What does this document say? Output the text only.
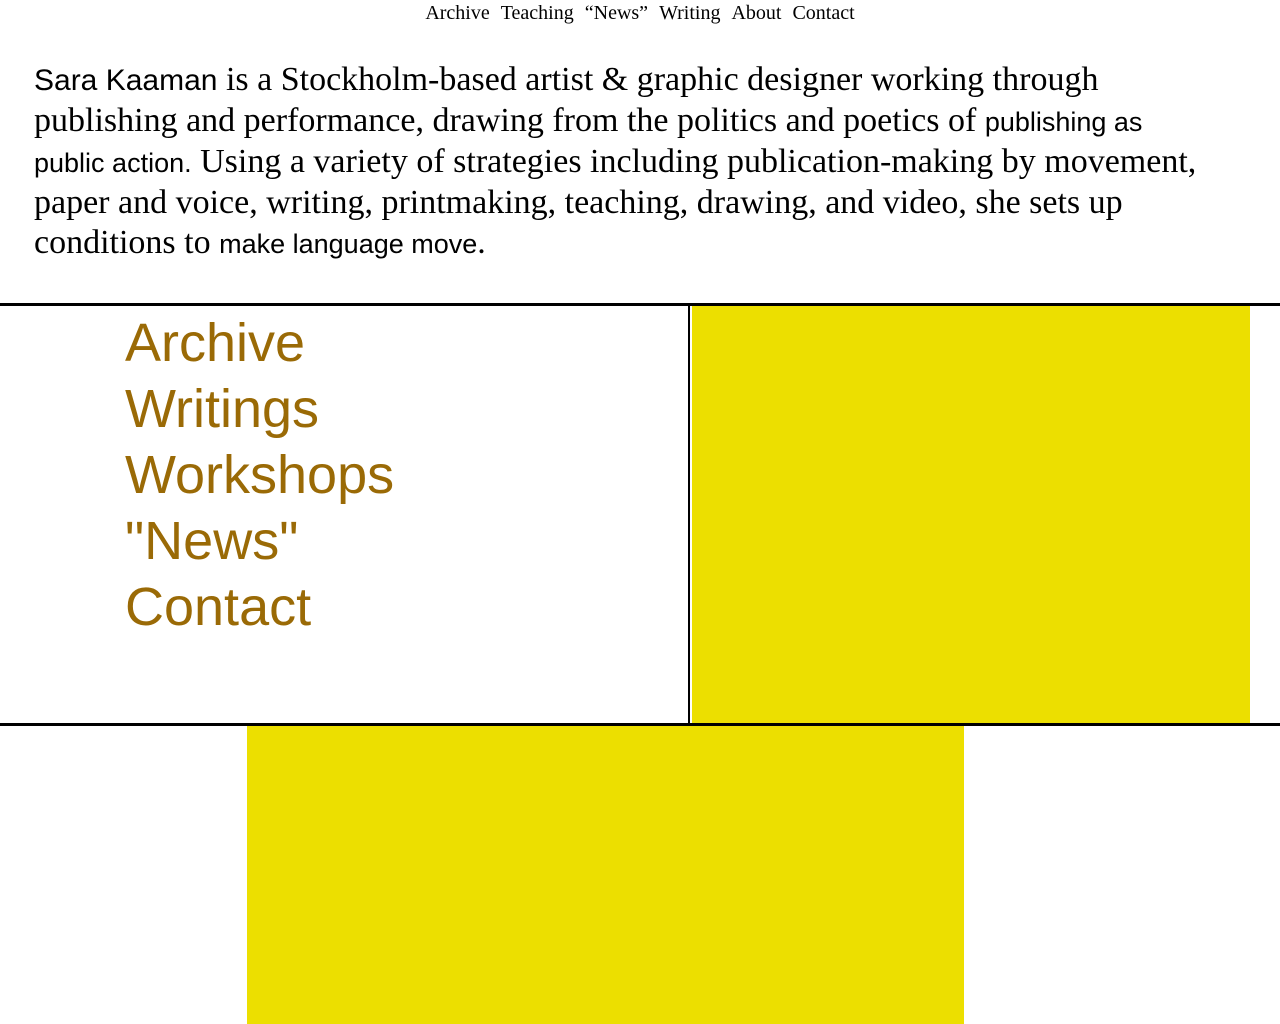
Archive Teaching “News” Writing About Contact

Sara Kaaman is a Stockholm-based artist & graphic designer working through publishing and performance, drawing from the politics and poetics of publishing as public action. Using a variety of strategies including publication-making by movement, paper and voice, writing, printmaking, teaching, drawing, and video, she sets up conditions to make language move.

Archive
Writings
Workshops
"News"
Contact
